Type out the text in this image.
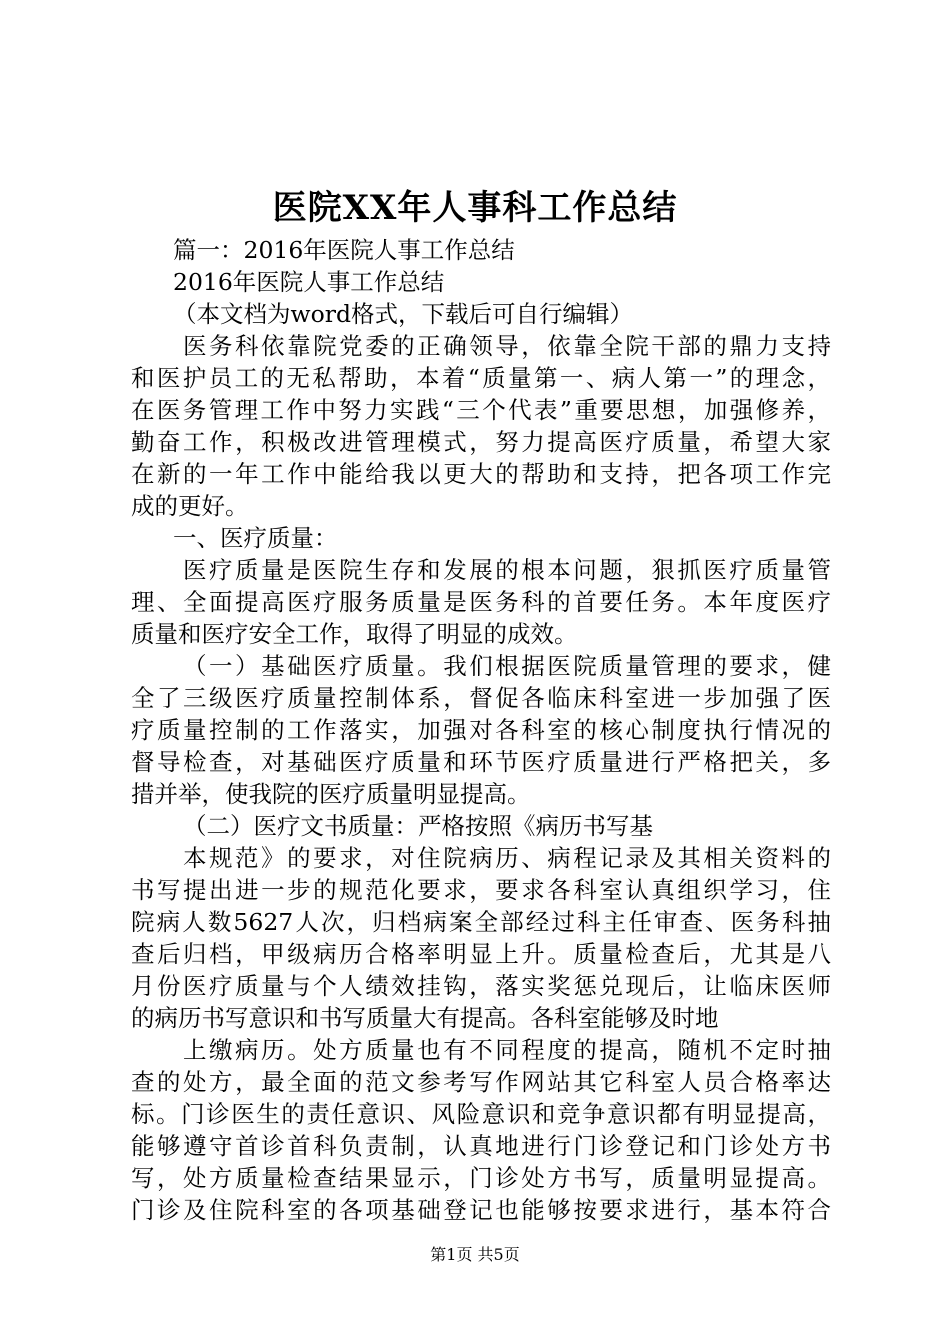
医院XX年人事科工作总结
篇一：2016年医院人事工作总结
2016年医院人事工作总结
（本文档为word格式，下载后可自行编辑）
医务科依靠院党委的正确领导，依靠全院干部的鼎力支持
和医护员工的无私帮助，本着“质量第一、病人第一”的理念，
在医务管理工作中努力实践“三个代表”重要思想，加强修养，
勤奋工作，积极改进管理模式，努力提高医疗质量，希望大家
在新的一年工作中能给我以更大的帮助和支持，把各项工作完
成的更好。
一、医疗质量：
医疗质量是医院生存和发展的根本问题，狠抓医疗质量管
理、全面提高医疗服务质量是医务科的首要任务。本年度医疗
质量和医疗安全工作，取得了明显的成效。
（一）基础医疗质量。我们根据医院质量管理的要求，健
全了三级医疗质量控制体系，督促各临床科室进一步加强了医
疗质量控制的工作落实，加强对各科室的核心制度执行情况的
督导检查，对基础医疗质量和环节医疗质量进行严格把关，多
措并举，使我院的医疗质量明显提高。
（二）医疗文书质量：严格按照《病历书写基
本规范》的要求，对住院病历、病程记录及其相关资料的
书写提出进一步的规范化要求，要求各科室认真组织学习，住
院病人数5627人次，归档病案全部经过科主任审查、医务科抽
查后归档，甲级病历合格率明显上升。质量检查后，尤其是八
月份医疗质量与个人绩效挂钩，落实奖惩兑现后，让临床医师
的病历书写意识和书写质量大有提高。各科室能够及时地
上缴病历。处方质量也有不同程度的提高，随机不定时抽
查的处方，最全面的范文参考写作网站其它科室人员合格率达
标。门诊医生的责任意识、风险意识和竞争意识都有明显提高，
能够遵守首诊首科负责制，认真地进行门诊登记和门诊处方书
写，处方质量检查结果显示，门诊处方书写，质量明显提高。
门诊及住院科室的各项基础登记也能够按要求进行，基本符合
第1页 共5页
